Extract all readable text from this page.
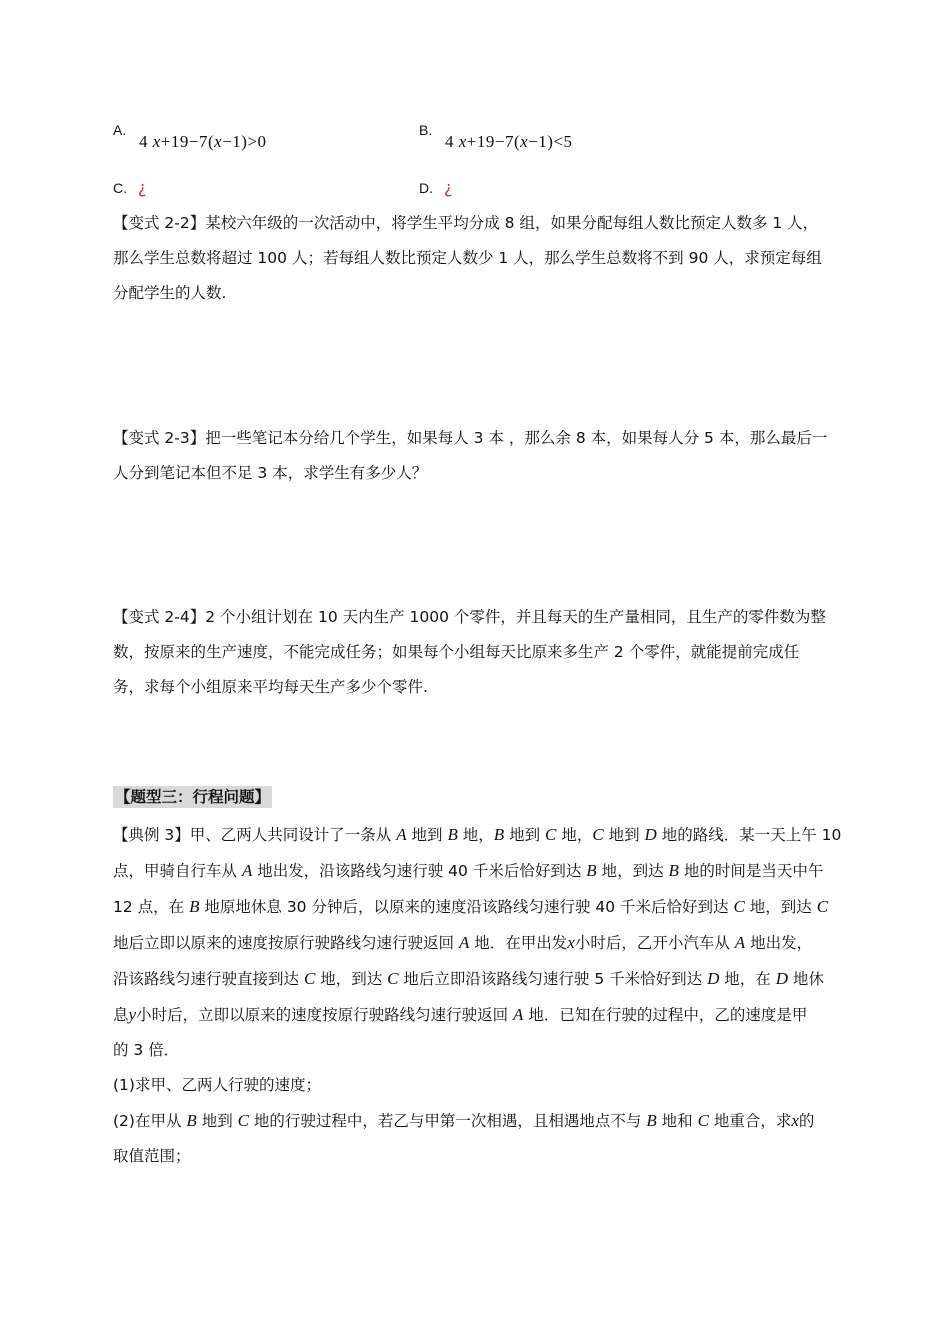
A.
4 x+19−7(x−1)>0
B.
4 x+19−7(x−1)<5
C. ¿	D. ¿

【变式 2-2】某校六年级的一次活动中，将学生平均分成 8 组，如果分配每组人数比预定人数多 1 人，

那么学生总数将超过 100 人；若每组人数比预定人数少 1 人，那么学生总数将不到 90 人，求预定每组

分配学生的人数.

【变式 2-3】把一些笔记本分给几个学生，如果每人 3 本 ，那么余 8 本，如果每人分 5 本，那么最后一

人分到笔记本但不足 3 本，求学生有多少人？

【变式 2-4】2 个小组计划在 10 天内生产 1000 个零件，并且每天的生产量相同，且生产的零件数为整

数，按原来的生产速度，不能完成任务；如果每个小组每天比原来多生产 2 个零件，就能提前完成任

务，求每个小组原来平均每天生产多少个零件.

【题型三：行程问题】

【典例 3】甲、乙两人共同设计了一条从 A 地到 B 地，B 地到 C 地，C 地到 D 地的路线．某一天上午 10

点，甲骑自行车从 A 地出发，沿该路线匀速行驶 40 千米后恰好到达 B 地，到达 B 地的时间是当天中午

12 点，在 B 地原地休息 30 分钟后，以原来的速度沿该路线匀速行驶 40 千米后恰好到达 C 地，到达 C

地后立即以原来的速度按原行驶路线匀速行驶返回 A 地．在甲出发x小时后，乙开小汽车从 A 地出发，

沿该路线匀速行驶直接到达 C 地，到达 C 地后立即沿该路线匀速行驶 5 千米恰好到达 D 地，在 D 地休

息y小时后，立即以原来的速度按原行驶路线匀速行驶返回 A 地．已知在行驶的过程中，乙的速度是甲

的 3 倍．

(1)求甲、乙两人行驶的速度；

(2)在甲从 B 地到 C 地的行驶过程中，若乙与甲第一次相遇，且相遇地点不与 B 地和 C 地重合，求x的

取值范围；
